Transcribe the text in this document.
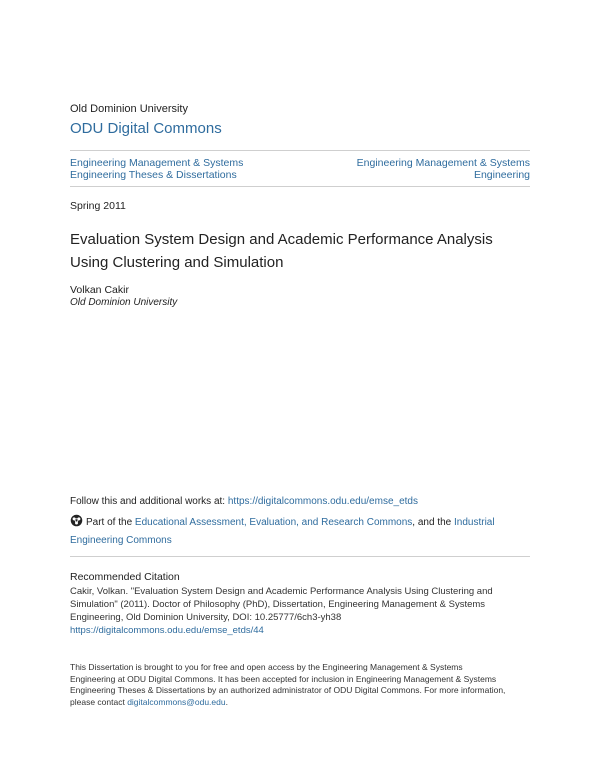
Old Dominion University
ODU Digital Commons
Engineering Management & Systems
Engineering Theses & Dissertations
Engineering Management & Systems
Engineering
Spring 2011
Evaluation System Design and Academic Performance Analysis
Using Clustering and Simulation
Volkan Cakir
Old Dominion University
Follow this and additional works at: https://digitalcommons.odu.edu/emse_etds
Part of the Educational Assessment, Evaluation, and Research Commons, and the Industrial
Engineering Commons
Recommended Citation
Cakir, Volkan. "Evaluation System Design and Academic Performance Analysis Using Clustering and
Simulation" (2011). Doctor of Philosophy (PhD), Dissertation, Engineering Management & Systems
Engineering, Old Dominion University, DOI: 10.25777/6ch3-yh38
https://digitalcommons.odu.edu/emse_etds/44
This Dissertation is brought to you for free and open access by the Engineering Management & Systems
Engineering at ODU Digital Commons. It has been accepted for inclusion in Engineering Management & Systems
Engineering Theses & Dissertations by an authorized administrator of ODU Digital Commons. For more information,
please contact digitalcommons@odu.edu.
